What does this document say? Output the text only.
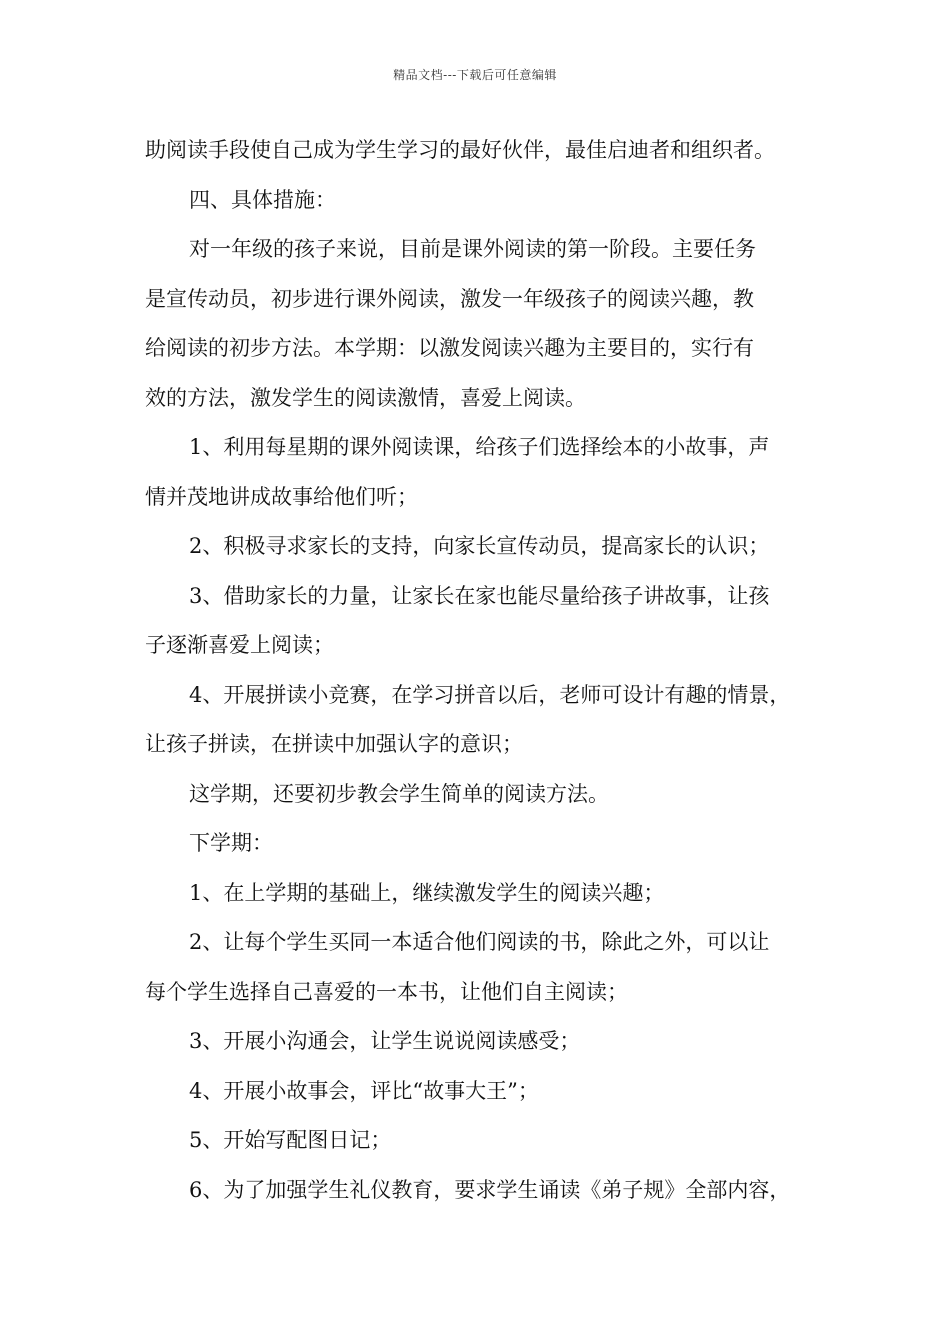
精品文档---下载后可任意编辑
助阅读手段使自己成为学生学习的最好伙伴，最佳启迪者和组织者。
四、具体措施：
对一年级的孩子来说，目前是课外阅读的第一阶段。主要任务
是宣传动员，初步进行课外阅读，激发一年级孩子的阅读兴趣，教
给阅读的初步方法。本学期：以激发阅读兴趣为主要目的，实行有
效的方法，激发学生的阅读激情，喜爱上阅读。
1、利用每星期的课外阅读课，给孩子们选择绘本的小故事，声
情并茂地讲成故事给他们听；
2、积极寻求家长的支持，向家长宣传动员，提高家长的认识；
3、借助家长的力量，让家长在家也能尽量给孩子讲故事，让孩
子逐渐喜爱上阅读；
4、开展拼读小竞赛，在学习拼音以后，老师可设计有趣的情景，
让孩子拼读，在拼读中加强认字的意识；
这学期，还要初步教会学生简单的阅读方法。
下学期：
1、在上学期的基础上，继续激发学生的阅读兴趣；
2、让每个学生买同一本适合他们阅读的书，除此之外，可以让
每个学生选择自己喜爱的一本书，让他们自主阅读；
3、开展小沟通会，让学生说说阅读感受；
4、开展小故事会，评比“故事大王”；
5、开始写配图日记；
6、为了加强学生礼仪教育，要求学生诵读《弟子规》全部内容，
